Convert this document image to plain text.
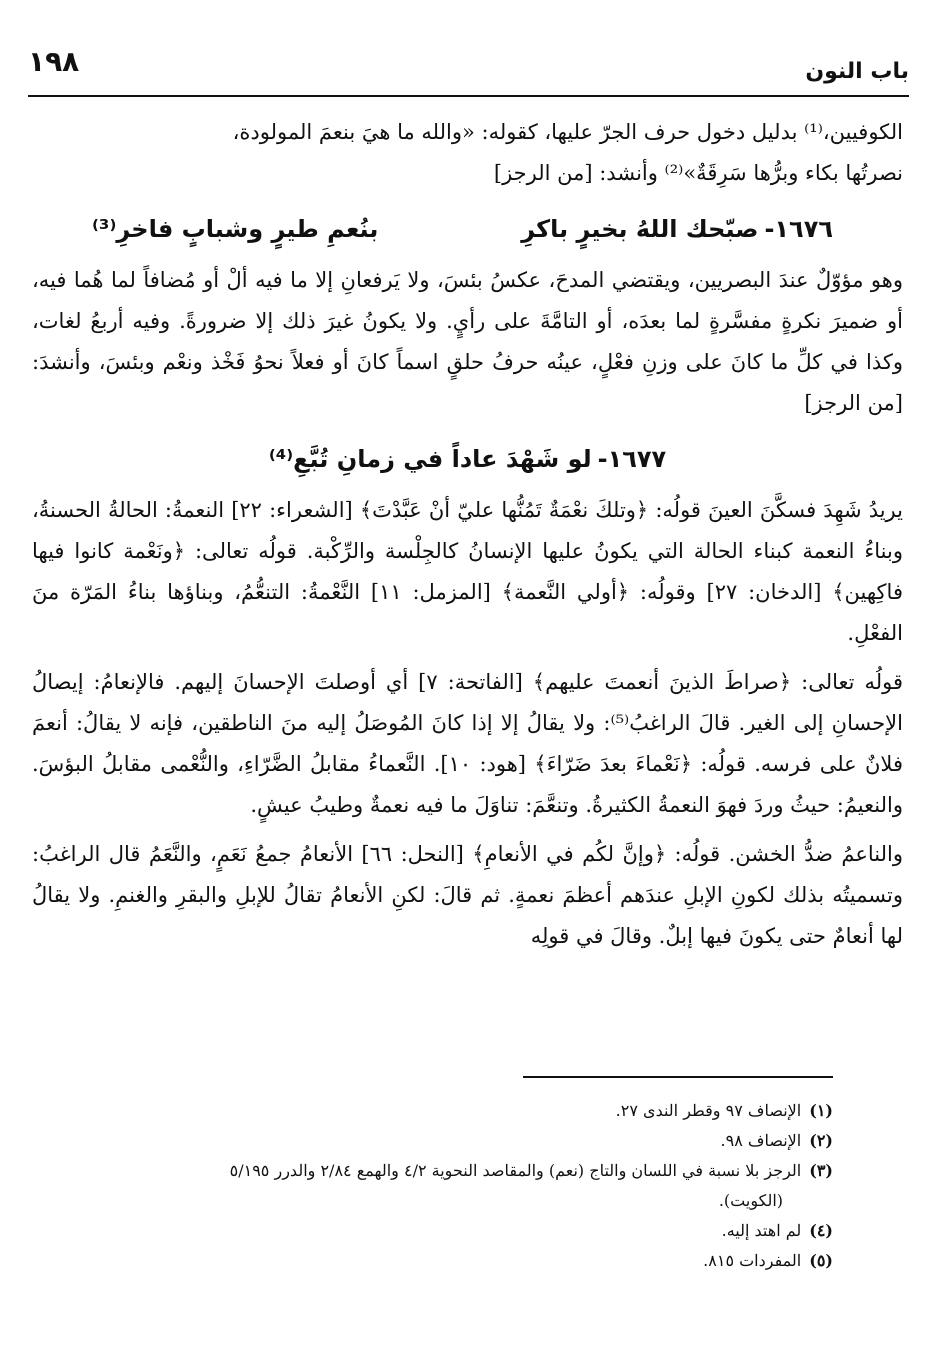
باب النون
١٩٨

الكوفيين،⁽¹⁾ بدليل دخول حرف الجرّ عليها، كقوله: «والله ما هيَ بنعمَ المولودة،
نصرتُها بكاء وبرُّها سَرِقَةٌ»⁽²⁾ وأنشد: [من الرجز]

١٦٧٦-صبّحك اللهُ بخيرٍ باكرِ
بنُعمِ طيرٍ وشبابٍ فاخرِ⁽³⁾

وهو مؤوّلٌ عندَ البصريين، ويقتضي المدحَ، عكسُ بئسَ، ولا يَرفعانِ إلا ما فيه ألْ أو مُضافاً لما هُما فيه، أو ضميرَ نكرةٍ مفسَّرةٍ لما بعدَه، أو التامَّةَ على رأيٍ. ولا يكونُ غيرَ ذلك إلا ضرورةً. وفيه أربعُ لغات، وكذا في كلِّ ما كانَ على وزنِ فعْلٍ، عينُه حرفُ حلقٍ اسماً كانَ أو فعلاً نحوُ فَخْذ ونعْم وبئسَ، وأنشدَ: [من الرجز]

١٦٧٧-لو شَهْدَ عاداً في زمانِ تُبَّعِ⁽⁴⁾

يريدُ شَهِدَ فسكَّنَ العينَ قولُه: ﴿وتلكَ نعْمَةٌ تَمُنُّها عليّ أنْ عَبَّدْتَ﴾ [الشعراء: ٢٢] النعمةُ: الحالةُ الحسنةُ، وبناءُ النعمة كبناء الحالة التي يكونُ عليها الإنسانُ كالجِلْسة والرِّكْبة. قولُه تعالى: ﴿ونَعْمة كانوا فيها فاكِهين﴾ [الدخان: ٢٧] وقولُه: ﴿أولي النَّعمة﴾ [المزمل: ١١] النَّعْمةُ: التنعُّمُ، وبناؤها بناءُ المَرّة منَ الفعْلِ.

قولُه تعالى: ﴿صراطَ الذينَ أنعمتَ عليهم﴾ [الفاتحة: ٧] أي أوصلتَ الإحسانَ إليهم. فالإنعامُ: إيصالُ الإحسانِ إلى الغير. قالَ الراغبُ⁽⁵⁾: ولا يقالُ إلا إذا كانَ المُوصَلُ إليه منَ الناطقين، فإنه لا يقالُ: أنعمَ فلانٌ على فرسه. قولُه: ﴿نَعْماءَ بعدَ ضَرّاءَ﴾ [هود: ١٠]. النَّعماءُ مقابلُ الضَّرّاءِ، والنُّعْمى مقابلُ البؤسَ. والنعيمُ: حيثُ وردَ فهوَ النعمةُ الكثيرةُ. وتنعَّمَ: تناوَلَ ما فيه نعمةٌ وطيبُ عيشٍ.

والناعمُ ضدُّ الخشن. قولُه: ﴿وإنَّ لكُم في الأنعامِ﴾ [النحل: ٦٦] الأنعامُ جمعُ نَعَمٍ، والنَّعَمُ قال الراغبُ: وتسميتُه بذلك لكونِ الإبلِ عندَهم أعظمَ نعمةٍ. ثم قالَ: لكنِ الأنعامُ تقالُ للإبلِ والبقرِ والغنمِ. ولا يقالُ لها أنعامٌ حتى يكونَ فيها إبلٌ. وقالَ في قولِه

(١)الإنصاف ٩٧ وقطر الندى ٢٧.

(٢)الإنصاف ٩٨.

(٣)الرجز بلا نسبة في اللسان والتاج (نعم) والمقاصد النحوية ٤/٢ والهمع ٢/٨٤ والدرر ٥/١٩٥

(الكويت).

(٤)لم اهتد إليه.

(٥)المفردات ٨١٥.
